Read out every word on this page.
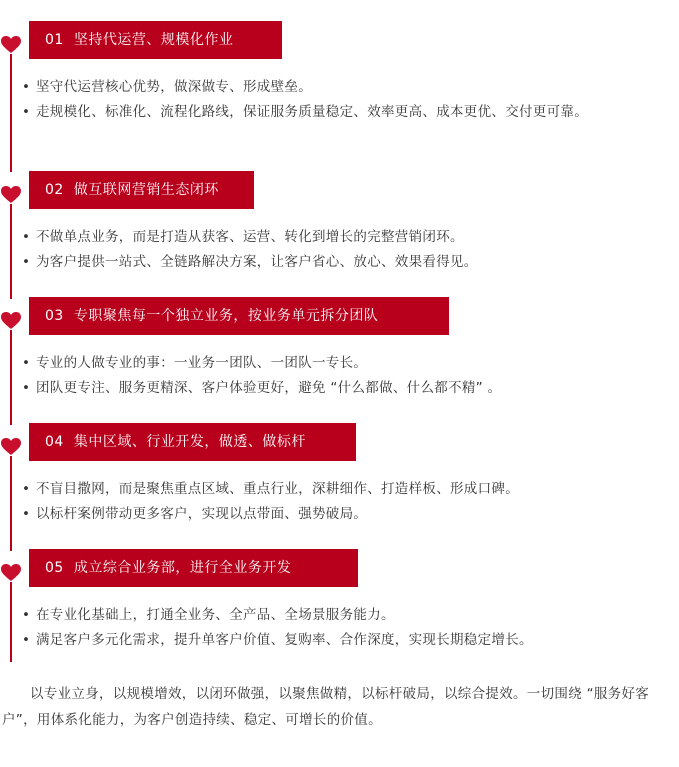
01 坚持代运营、规模化作业
• 坚守代运营核心优势，做深做专、形成壁垒。
• 走规模化、标准化、流程化路线，保证服务质量稳定、效率更高、成本更优、交付更可靠。
02 做互联网营销生态闭环
• 不做单点业务，而是打造从获客、运营、转化到增长的完整营销闭环。
• 为客户提供一站式、全链路解决方案，让客户省心、放心、效果看得见。
03 专职聚焦每一个独立业务，按业务单元拆分团队
• 专业的人做专业的事：一业务一团队、一团队一专长。
• 团队更专注、服务更精深、客户体验更好，避免 “什么都做、什么都不精” 。
04 集中区域、行业开发，做透、做标杆
• 不盲目撒网，而是聚焦重点区域、重点行业，深耕细作、打造样板、形成口碑。
• 以标杆案例带动更多客户，实现以点带面、强势破局。
05 成立综合业务部，进行全业务开发
• 在专业化基础上，打通全业务、全产品、全场景服务能力。
• 满足客户多元化需求，提升单客户价值、复购率、合作深度，实现长期稳定增长。

以专业立身，以规模增效，以闭环做强，以聚焦做精，以标杆破局，以综合提效。一切围绕 “服务好客户”，用体系化能力，为客户创造持续、稳定、可增长的价值。
